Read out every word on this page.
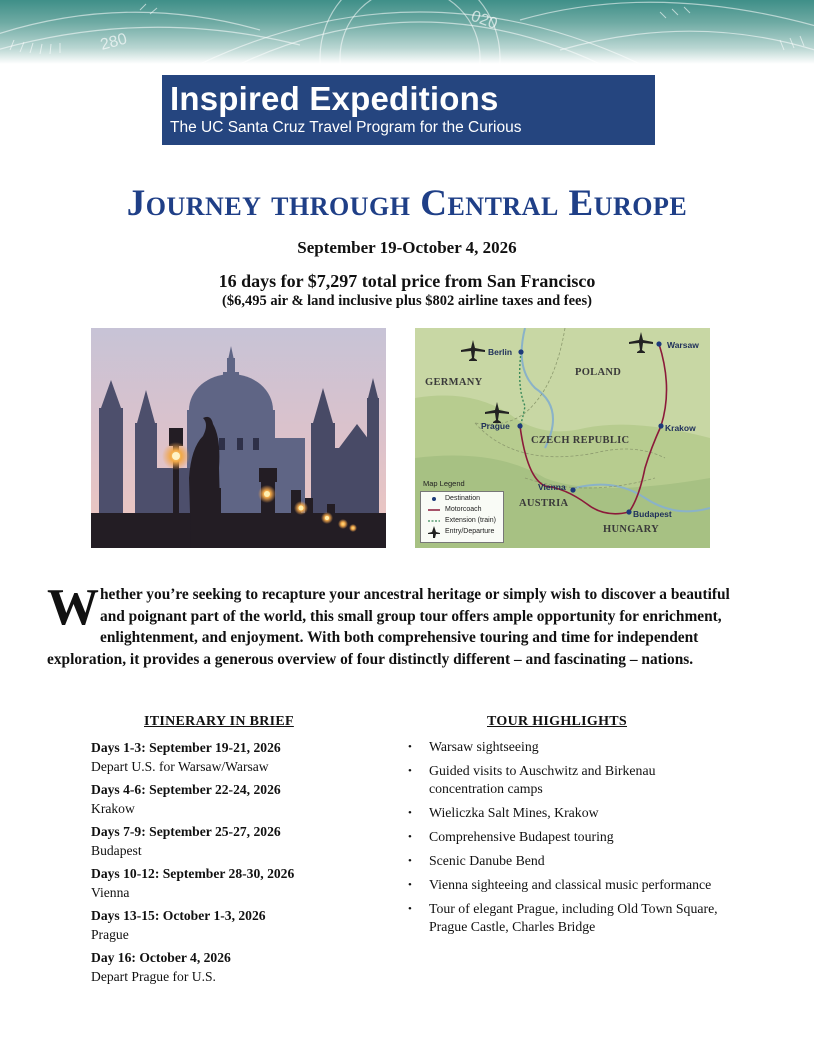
280
020
Inspired Expeditions
The UC Santa Cruz Travel Program for the Curious
Journey through Central Europe
September 19-October 4, 2026
16 days for $7,297 total price from San Francisco
($6,495 air & land inclusive plus $802 airline taxes and fees)
GERMANY
POLAND
CZECH REPUBLIC
AUSTRIA
HUNGARY
Berlin
Warsaw
Prague	Krakow
Vienna
Budapest
Map Legend
Destination
Motorcoach
Extension (train)
Entry/Departure
Whether you’re seeking to recapture your ancestral heritage or simply wish to discover a beautiful and poignant part of the world, this small group tour offers ample opportunity for enrichment, enlightenment, and enjoyment. With both comprehensive touring and time for independent exploration, it provides a generous overview of four distinctly different – and fascinating – nations.
ITINERARY IN BRIEF
Days 1-3: September 19-21, 2026
Depart U.S. for Warsaw/Warsaw
Days 4-6: September 22-24, 2026
Krakow
Days 7-9: September 25-27, 2026
Budapest
Days 10-12: September 28-30, 2026
Vienna
Days 13-15: October 1-3, 2026
Prague
Day 16: October 4, 2026
Depart Prague for U.S.
TOUR HIGHLIGHTS
• Warsaw sightseeing
• Guided visits to Auschwitz and Birkenau concentration camps
• Wieliczka Salt Mines, Krakow
• Comprehensive Budapest touring
• Scenic Danube Bend
• Vienna sighteeing and classical music performance
• Tour of elegant Prague, including Old Town Square, Prague Castle, Charles Bridge
